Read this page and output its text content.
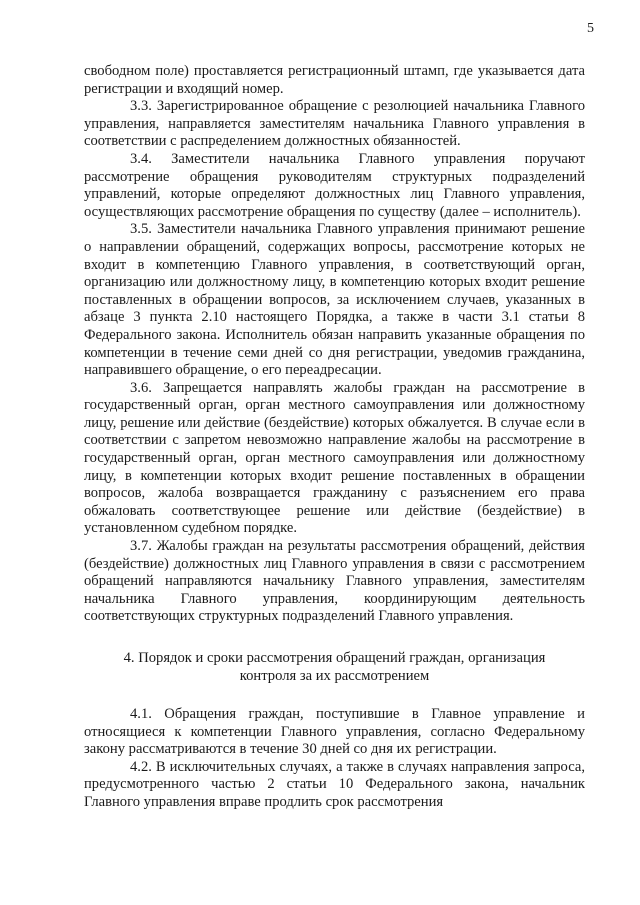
5

свободном поле) проставляется регистрационный штамп, где указывается дата регистрации и входящий номер.

3.3. Зарегистрированное обращение с резолюцией начальника Главного управления, направляется заместителям начальника Главного управления в соответствии с распределением должностных обязанностей.

3.4. Заместители начальника Главного управления поручают рассмотрение обращения руководителям структурных подразделений управлений, которые определяют должностных лиц Главного управления, осуществляющих рассмотрение обращения по существу (далее – исполнитель).

3.5. Заместители начальника Главного управления принимают решение о направлении обращений, содержащих вопросы, рассмотрение которых не входит в компетенцию Главного управления, в соответствующий орган, организацию или должностному лицу, в компетенцию которых входит решение поставленных в обращении вопросов, за исключением случаев, указанных в абзаце 3 пункта 2.10 настоящего Порядка, а также в части 3.1 статьи 8 Федерального закона. Исполнитель обязан направить указанные обращения по компетенции в течение семи дней со дня регистрации, уведомив гражданина, направившего обращение, о его переадресации.

3.6. Запрещается направлять жалобы граждан на рассмотрение в государственный орган, орган местного самоуправления или должностному лицу, решение или действие (бездействие) которых обжалуется. В случае если в соответствии с запретом невозможно направление жалобы на рассмотрение в государственный орган, орган местного самоуправления или должностному лицу, в компетенции которых входит решение поставленных в обращении вопросов, жалоба возвращается гражданину с разъяснением его права обжаловать соответствующее решение или действие (бездействие) в установленном судебном порядке.

3.7. Жалобы граждан на результаты рассмотрения обращений, действия (бездействие) должностных лиц Главного управления в связи с рассмотрением обращений направляются начальнику Главного управления, заместителям начальника Главного управления, координирующим деятельность соответствующих структурных подразделений Главного управления.

4. Порядок и сроки рассмотрения обращений граждан, организация
контроля за их рассмотрением

4.1. Обращения граждан, поступившие в Главное управление и относящиеся к компетенции Главного управления, согласно Федеральному закону рассматриваются в течение 30 дней со дня их регистрации.

4.2. В исключительных случаях, а также в случаях направления запроса, предусмотренного частью 2 статьи 10 Федерального закона, начальник Главного управления вправе продлить срок рассмотрения
